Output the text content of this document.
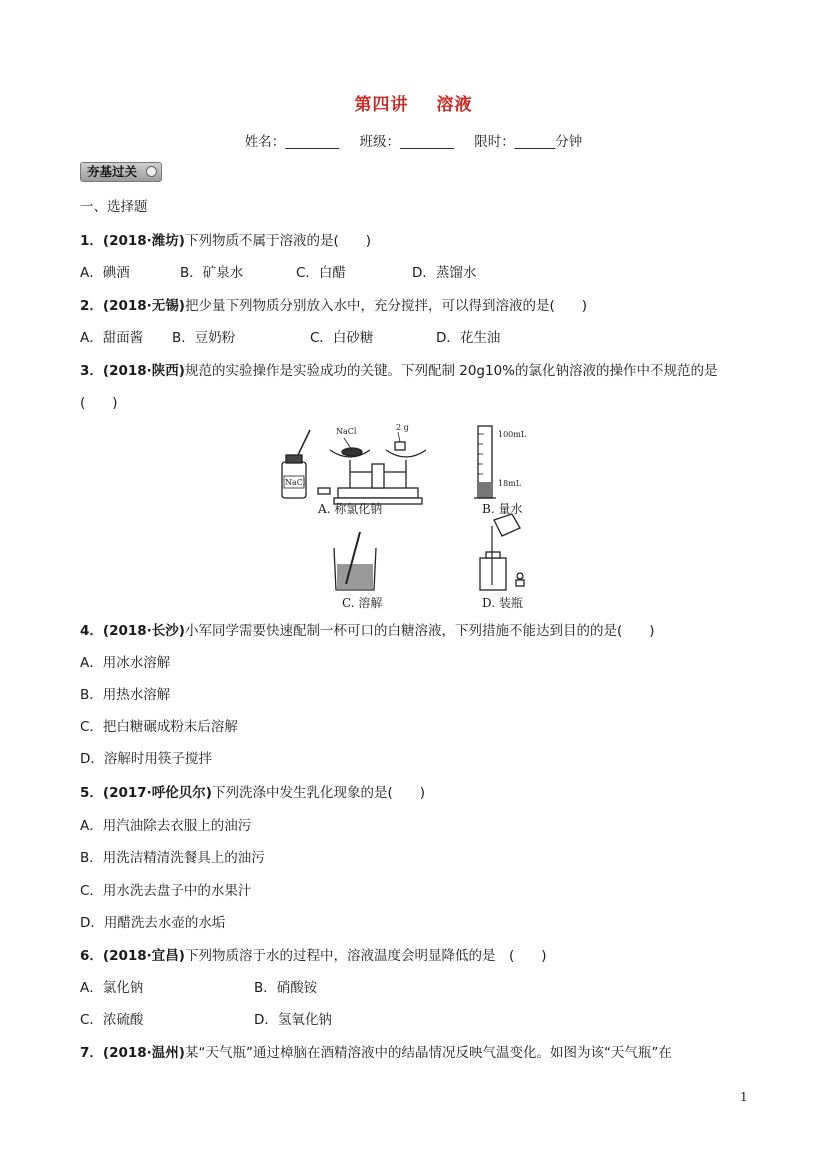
第四讲 溶液
姓名：________ 班级：________ 限时：______分钟
夯基过关
一、选择题
1．(2018·潍坊)下列物质不属于溶液的是(　　)
A．碘酒	B．矿泉水	C．白醋	D．蒸馏水
2．(2018·无锡)把少量下列物质分别放入水中，充分搅拌，可以得到溶液的是(　　)
A．甜面酱 B．豆奶粉	C．白砂糖	D．花生油
3．(2018·陕西)规范的实验操作是实验成功的关键。下列配制 20g10%的氯化钠溶液的操作中不规范的是
(　　)
NaCl
NaCl	2 g
100mL
18mL
A. 称氯化钠	B. 量水
C. 溶解	D. 装瓶
4．(2018·长沙)小军同学需要快速配制一杯可口的白糖溶液，下列措施不能达到目的的是(　　)
A．用冰水溶解
B．用热水溶解
C．把白糖碾成粉末后溶解
D．溶解时用筷子搅拌
5．(2017·呼伦贝尔)下列洗涤中发生乳化现象的是(　　)
A．用汽油除去衣服上的油污
B．用洗洁精清洗餐具上的油污
C．用水洗去盘子中的水果汁
D．用醋洗去水壶的水垢
6．(2018·宜昌)下列物质溶于水的过程中，溶液温度会明显降低的是　(　　)
A．氯化钠	B．硝酸铵
C．浓硫酸	D．氢氧化钠
7．(2018·温州)某“天气瓶”通过樟脑在酒精溶液中的结晶情况反映气温变化。如图为该“天气瓶”在
1
